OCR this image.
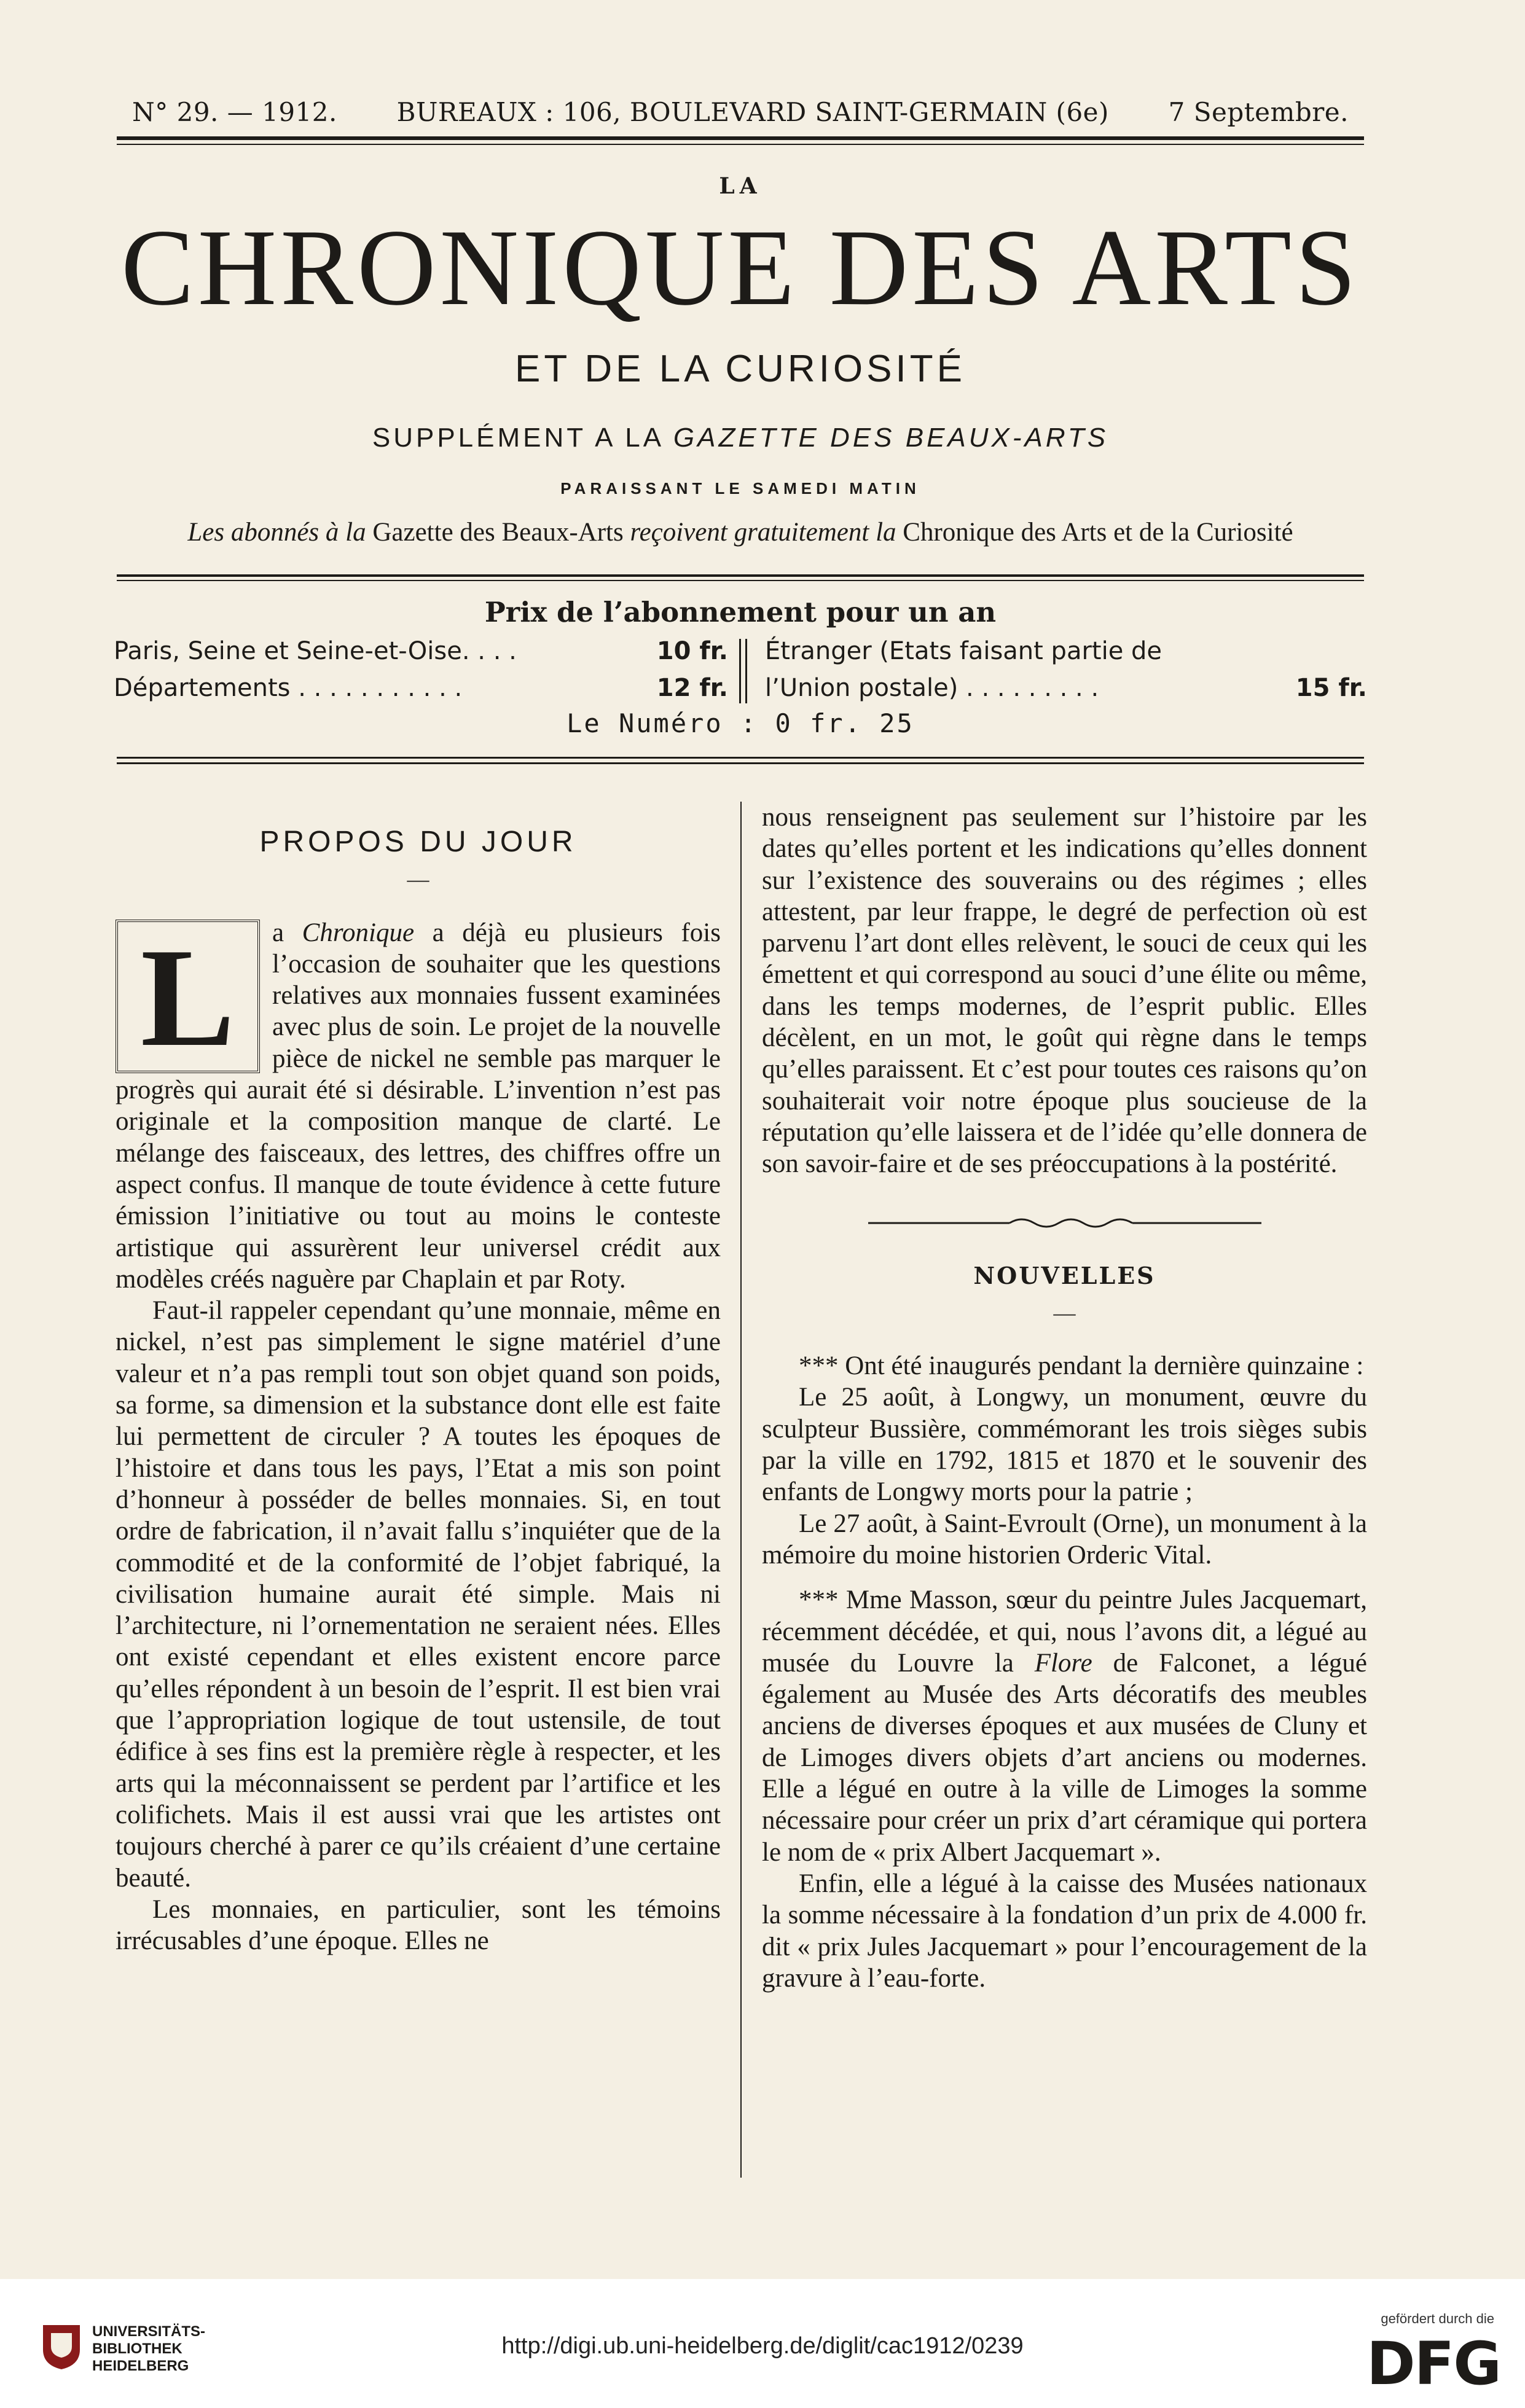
N° 29. — 1912. BUREAUX : 106, BOULEVARD SAINT-GERMAIN (6e) 7 Septembre.
LA
CHRONIQUE DES ARTS
ET DE LA CURIOSITÉ
SUPPLÉMENT A LA GAZETTE DES BEAUX-ARTS
PARAISSANT LE SAMEDI MATIN
Les abonnés à la Gazette des Beaux-Arts reçoivent gratuitement la Chronique des Arts et de la Curiosité
Prix de l’abonnement pour un an
Paris, Seine et Seine-et-Oise. . . .	10 fr.
Départements . . . . . . . . . . .	12 fr.
Étranger (Etats faisant partie de
l’Union postale) . . . . . . . . .	15 fr.
Le Numéro : 0 fr. 25
PROPOS DU JOUR
—

L	a Chronique a déjà eu plusieurs fois l’occasion de souhaiter que les questions relatives aux monnaies fussent examinées avec plus de soin. Le projet de la nouvelle pièce de nickel ne semble pas marquer le progrès qui aurait été si désirable. L’invention n’est pas originale et la composition manque de clarté. Le mélange des faisceaux, des lettres, des chiffres offre un aspect confus. Il manque de toute évidence à cette future émission l’initiative ou tout au moins le conteste artistique qui assurèrent leur universel crédit aux modèles créés naguère par Chaplain et par Roty.

Faut-il rappeler cependant qu’une monnaie, même en nickel, n’est pas simplement le signe matériel d’une valeur et n’a pas rempli tout son objet quand son poids, sa forme, sa dimension et la substance dont elle est faite lui permettent de circuler ? A toutes les époques de l’histoire et dans tous les pays, l’Etat a mis son point d’honneur à posséder de belles monnaies. Si, en tout ordre de fabrication, il n’avait fallu s’inquiéter que de la commodité et de la conformité de l’objet fabriqué, la civilisation humaine aurait été simple. Mais ni l’architecture, ni l’ornementation ne seraient nées. Elles ont existé cependant et elles existent encore parce qu’elles répondent à un besoin de l’esprit. Il est bien vrai que l’appropriation logique de tout ustensile, de tout édifice à ses fins est la première règle à respecter, et les arts qui la méconnaissent se perdent par l’artifice et les colifichets. Mais il est aussi vrai que les artistes ont toujours cherché à parer ce qu’ils créaient d’une certaine beauté.

Les monnaies, en particulier, sont les témoins irrécusables d’une époque. Elles ne

nous renseignent pas seulement sur l’histoire par les dates qu’elles portent et les indications qu’elles donnent sur l’existence des souverains ou des régimes ; elles attestent, par leur frappe, le degré de perfection où est parvenu l’art dont elles relèvent, le souci de ceux qui les émettent et qui correspond au souci d’une élite ou même, dans les temps modernes, de l’esprit public. Elles décèlent, en un mot, le goût qui règne dans le temps qu’elles paraissent. Et c’est pour toutes ces raisons qu’on souhaiterait voir notre époque plus soucieuse de la réputation qu’elle laissera et de l’idée qu’elle donnera de son savoir-faire et de ses préoccupations à la postérité.

NOUVELLES
—

*** Ont été inaugurés pendant la dernière quinzaine :

Le 25 août, à Longwy, un monument, œuvre du sculpteur Bussière, commémorant les trois sièges subis par la ville en 1792, 1815 et 1870 et le souvenir des enfants de Longwy morts pour la patrie ;

Le 27 août, à Saint-Evroult (Orne), un monument à la mémoire du moine historien Orderic Vital.

*** Mme Masson, sœur du peintre Jules Jacquemart, récemment décédée, et qui, nous l’avons dit, a légué au musée du Louvre la Flore de Falconet, a légué également au Musée des Arts décoratifs des meubles anciens de diverses époques et aux musées de Cluny et de Limoges divers objets d’art anciens ou modernes. Elle a légué en outre à la ville de Limoges la somme nécessaire pour créer un prix d’art céramique qui portera le nom de « prix Albert Jacquemart ».

Enfin, elle a légué à la caisse des Musées nationaux la somme nécessaire à la fondation d’un prix de 4.000 fr. dit « prix Jules Jacquemart » pour l’encouragement de la gravure à l’eau-forte.

UNIVERSITÄTS-
BIBLIOTHEK
HEIDELBERG
http://digi.ub.uni-heidelberg.de/diglit/cac1912/0239
gefördert durch die
DFG
